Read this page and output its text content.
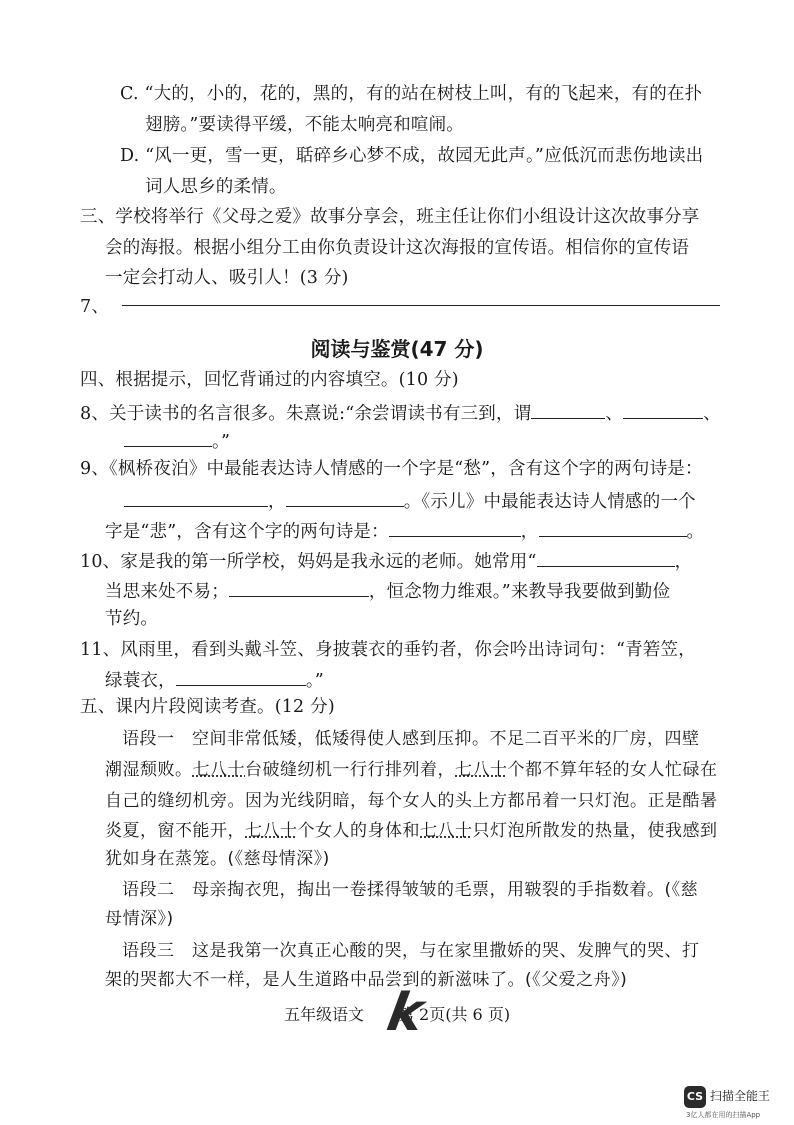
C. “大的，小的，花的，黑的，有的站在树枝上叫，有的飞起来，有的在扑
翅膀。”要读得平缓，不能太响亮和喧闹。
D. “风一更，雪一更，聒碎乡心梦不成，故园无此声。”应低沉而悲伤地读出
词人思乡的柔情。
三、学校将举行《父母之爱》故事分享会，班主任让你们小组设计这次故事分享
会的海报。根据小组分工由你负责设计这次海报的宣传语。相信你的宣传语
一定会打动人、吸引人！(3 分)
7、
阅读与鉴赏(47 分)
四、根据提示，回忆背诵过的内容填空。(10 分)
8、关于读书的名言很多。朱熹说:“余尝谓读书有三到，谓	、	、
。”
9、《枫桥夜泊》中最能表达诗人情感的一个字是“愁”，含有这个字的两句诗是：
，	。《示儿》中最能表达诗人情感的一个
字是“悲”，含有这个字的两句诗是：	，	。
10、家是我的第一所学校，妈妈是我永远的老师。她常用“	，
当思来处不易；	，恒念物力维艰。”来教导我要做到勤俭
节约。
11、风雨里，看到头戴斗笠、身披蓑衣的垂钓者，你会吟出诗词句：“青箬笠，
绿蓑衣，	。”
五、课内片段阅读考查。(12 分)
语段一　空间非常低矮，低矮得使人感到压抑。不足二百平米的厂房，四壁
潮湿颓败。七八十台破缝纫机一行行排列着，七八十个都不算年轻的女人忙碌在
自己的缝纫机旁。因为光线阴暗，每个女人的头上方都吊着一只灯泡。正是酷暑
炎夏，窗不能开，七八十个女人的身体和七八十只灯泡所散发的热量，使我感到
犹如身在蒸笼。(《慈母情深》)
语段二　母亲掏衣兜，掏出一卷揉得皱皱的毛票，用皲裂的手指数着。(《慈
母情深》)
语段三　这是我第一次真正心酸的哭，与在家里撒娇的哭、发脾气的哭、打
架的哭都大不一样，是人生道路中品尝到的新滋味了。(《父爱之舟》)
五年级语文 第 2页(共 6 页)
k
CS 扫描全能王
3亿人都在用的扫描App
